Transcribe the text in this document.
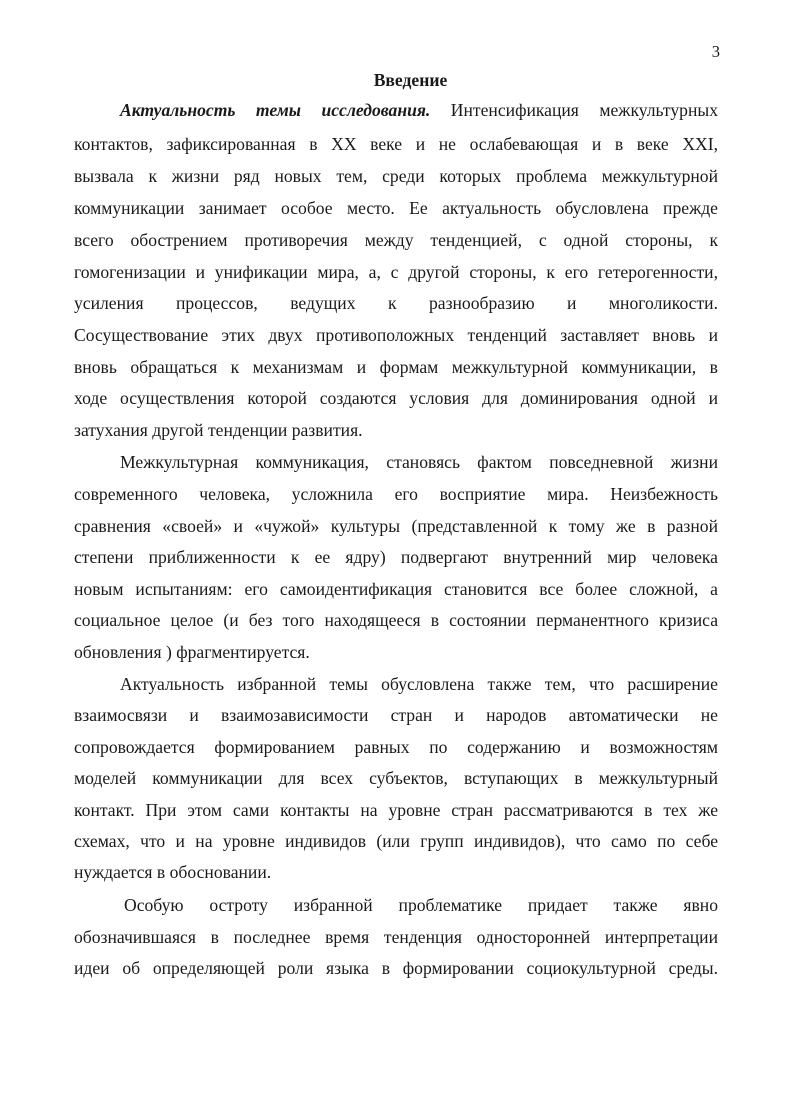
3
Введение
Актуальность темы исследования. Интенсификация межкультурных
контактов, зафиксированная в XX веке и не ослабевающая и в веке XXI,
вызвала к жизни ряд новых тем, среди которых проблема межкультурной
коммуникации занимает особое место. Ее актуальность обусловлена прежде
всего обострением противоречия между тенденцией, с одной стороны, к
гомогенизации и унификации мира, а, с другой стороны, к его гетерогенности,
усиления процессов, ведущих к разнообразию и многоликости.
Сосуществование этих двух противоположных тенденций заставляет вновь и
вновь обращаться к механизмам и формам межкультурной коммуникации, в
ходе осуществления которой создаются условия для доминирования одной и
затухания другой тенденции развития.
Межкультурная коммуникация, становясь фактом повседневной жизни
современного человека, усложнила его восприятие мира. Неизбежность
сравнения «своей» и «чужой» культуры (представленной к тому же в разной
степени приближенности к ее ядру) подвергают внутренний мир человека
новым испытаниям: его самоидентификация становится все более сложной, а
социальное целое (и без того находящееся в состоянии перманентного кризиса
обновления ) фрагментируется.
Актуальность избранной темы обусловлена также тем, что расширение
взаимосвязи и взаимозависимости стран и народов автоматически не
сопровождается формированием равных по содержанию и возможностям
моделей коммуникации для всех субъектов, вступающих в межкультурный
контакт. При этом сами контакты на уровне стран рассматриваются в тех же
схемах, что и на уровне индивидов (или групп индивидов), что само по себе
нуждается в обосновании.
Особую остроту избранной проблематике придает также явно
обозначившаяся в последнее время тенденция односторонней интерпретации
идеи об определяющей роли языка в формировании социокультурной среды.
